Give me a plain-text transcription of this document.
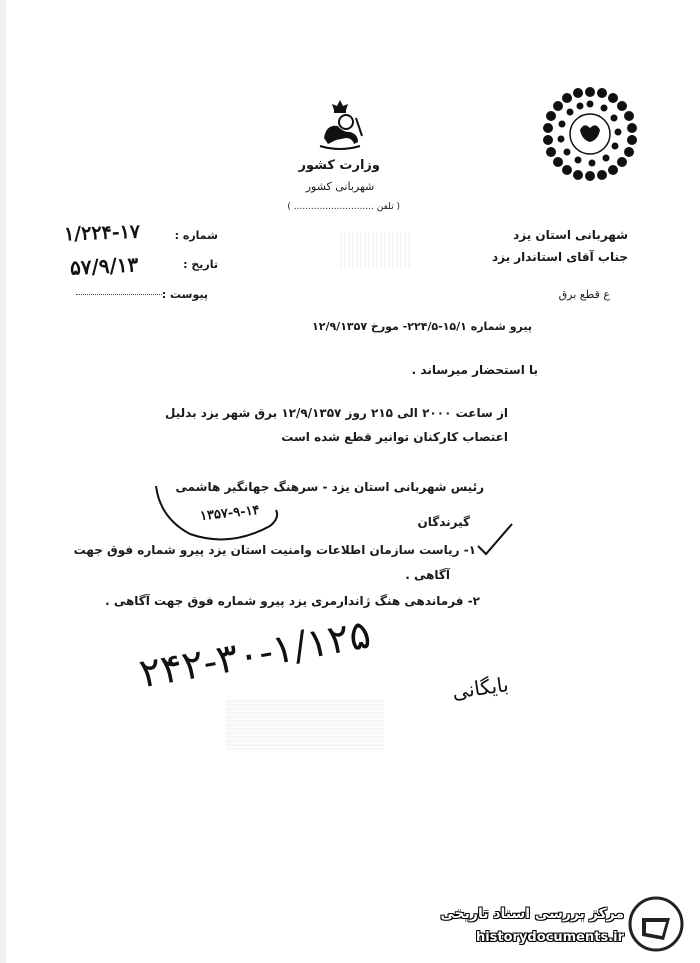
وزارت کشور
شهربانی کشور
( تلفن ............................ )
۱۳۲۵
شماره :
۱/۲۲۴-۱۷
تاریخ :
۵۷/۹/۱۳
پیوست :
شهربانی استان یزد
جناب آقای استاندار یزد
ع قطع برق
پیرو شماره ۱۵/۱-۲۲۴/۵- مورخ ۱۲/۹/۱۳۵۷
با استحضار میرساند .
از ساعت ۲۰۰۰ الی ۲۱۵ روز ۱۲/۹/۱۳۵۷ برق شهر یزد بدلیل
اعتصاب کارکنان توانیر قطع شده است
رئیس شهربانی استان یزد - سرهنگ جهانگیر هاشمی
۱۳۵۷-۹-۱۴	گیرندگان
۱- ریاست سازمان اطلاعات وامنیت استان یزد پیرو شماره فوق جهت
آگاهی .
۲- فرماندهی هنگ ژاندارمری یزد پیرو شماره فوق جهت آگاهی .
۲۴۲-۳۰-۱/۱۲۵	بایگانی
مرکز بررسی اسناد تاریخی
historydocuments.ir
